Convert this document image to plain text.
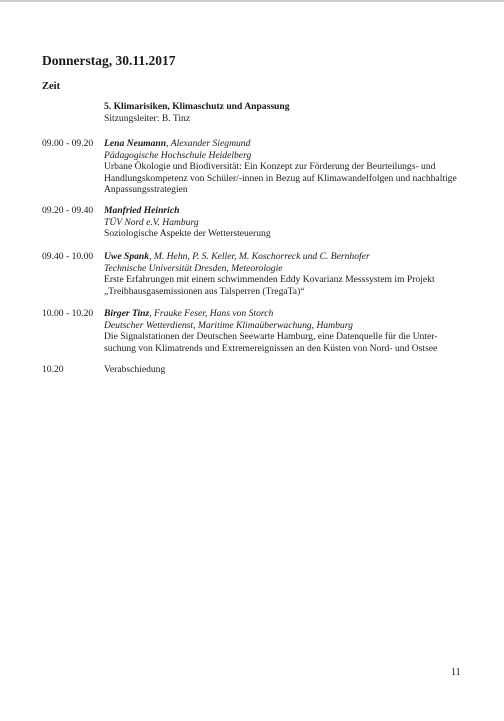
Donnerstag, 30.11.2017
Zeit
5. Klimarisiken, Klimaschutz und Anpassung
Sitzungsleiter: B. Tinz
09.00 - 09.20	Lena Neumann, Alexander Siegmund
Pädagogische Hochschule Heidelberg
Urbane Ökologie und Biodiversität: Ein Konzept zur Förderung der Beurteilungs- und
Handlungskompetenz von Schüler/-innen in Bezug auf Klimawandelfolgen und nachhaltige
Anpassungsstrategien
09.20 - 09.40	Manfried Heinrich
TÜV Nord e.V. Hamburg
Soziologische Aspekte der Wettersteuerung
09.40 - 10.00	Uwe Spank, M. Hehn, P. S. Keller, M. Koschorreck und C. Bernhofer
Technische Universität Dresden, Meteorologie
Erste Erfahrungen mit einem schwimmenden Eddy Kovarianz Messsystem im Projekt
„Treibhausgasemissionen aus Talsperren (TregaTa)“
10.00 - 10.20	Birger Tinz, Frauke Feser, Hans von Storch
Deutscher Wetterdienst, Maritime Klimaüberwachung, Hamburg
Die Signalstationen der Deutschen Seewarte Hamburg, eine Datenquelle für die Unter-
suchung von Klimatrends und Extremereignissen an den Küsten von Nord- und Ostsee
10.20	Verabschiedung
11
